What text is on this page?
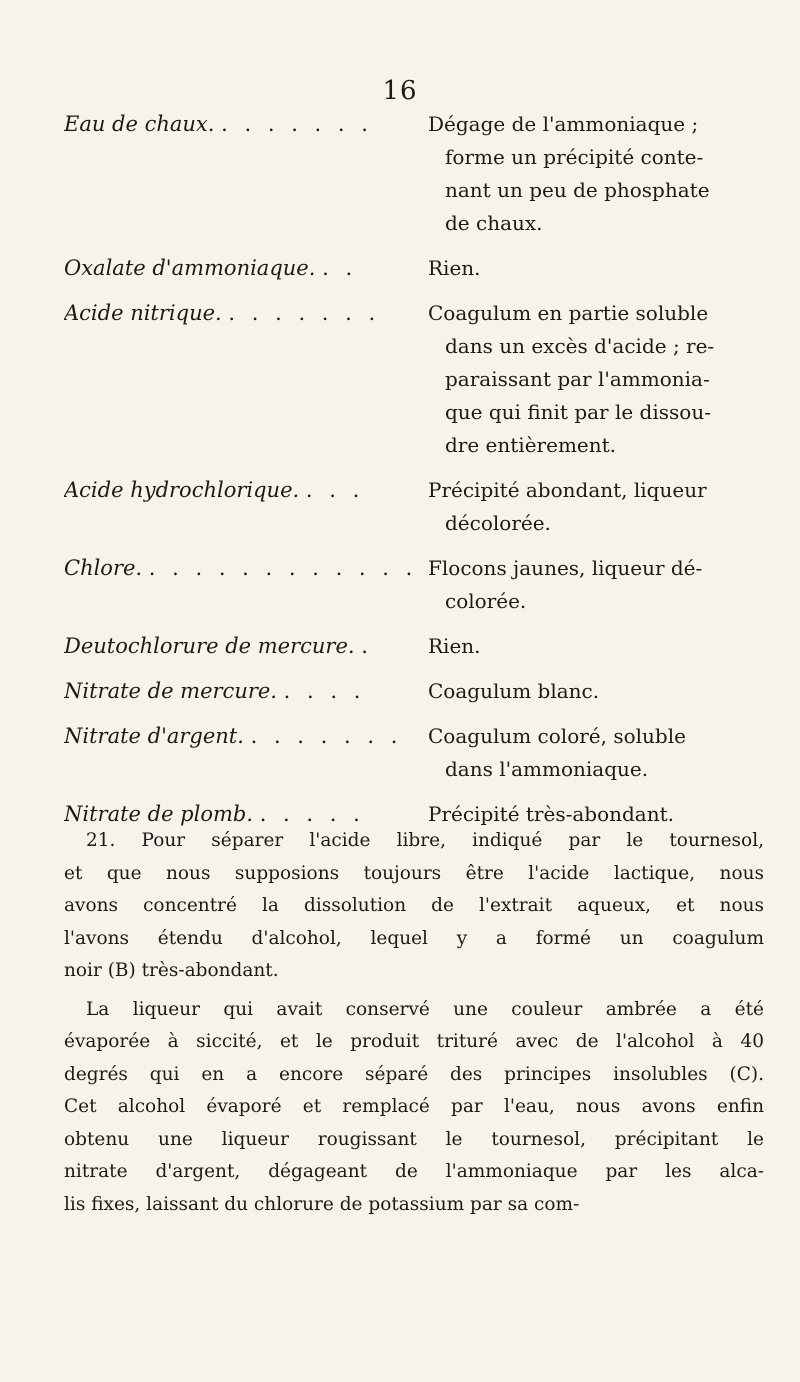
16
Eau de chaux. . . . . . . .	Dégage de l'ammoniaque ;
forme un précipité conte-
nant un peu de phosphate
de chaux.
Oxalate d'ammoniaque. . .	Rien.
Acide nitrique. . . . . . . .	Coagulum en partie soluble
dans un excès d'acide ; re-
paraissant par l'ammonia-
que qui finit par le dissou-
dre entièrement.
Acide hydrochlorique. . . .	Précipité abondant, liqueur
décolorée.
Chlore. . . . . . . . . . . . . Flocons jaunes, liqueur dé-
colorée.
Deutochlorure de mercure. .	Rien.
Nitrate de mercure. . . . .	Coagulum blanc.
Nitrate d'argent. . . . . . . .	Coagulum coloré, soluble
dans l'ammoniaque.
Nitrate de plomb. . . . . .	Précipité très-abondant.
21. Pour séparer l'acide libre, indiqué par le tournesol,
et que nous supposions toujours être l'acide lactique, nous
avons concentré la dissolution de l'extrait aqueux, et nous
l'avons étendu d'alcohol, lequel y a formé un coagulum
noir (B) très-abondant.
La liqueur qui avait conservé une couleur ambrée a été
évaporée à siccité, et le produit trituré avec de l'alcohol à 40
degrés qui en a encore séparé des principes insolubles (C).
Cet alcohol évaporé et remplacé par l'eau, nous avons enfin
obtenu une liqueur rougissant le tournesol, précipitant le
nitrate d'argent, dégageant de l'ammoniaque par les alca-
lis fixes, laissant du chlorure de potassium par sa com-
